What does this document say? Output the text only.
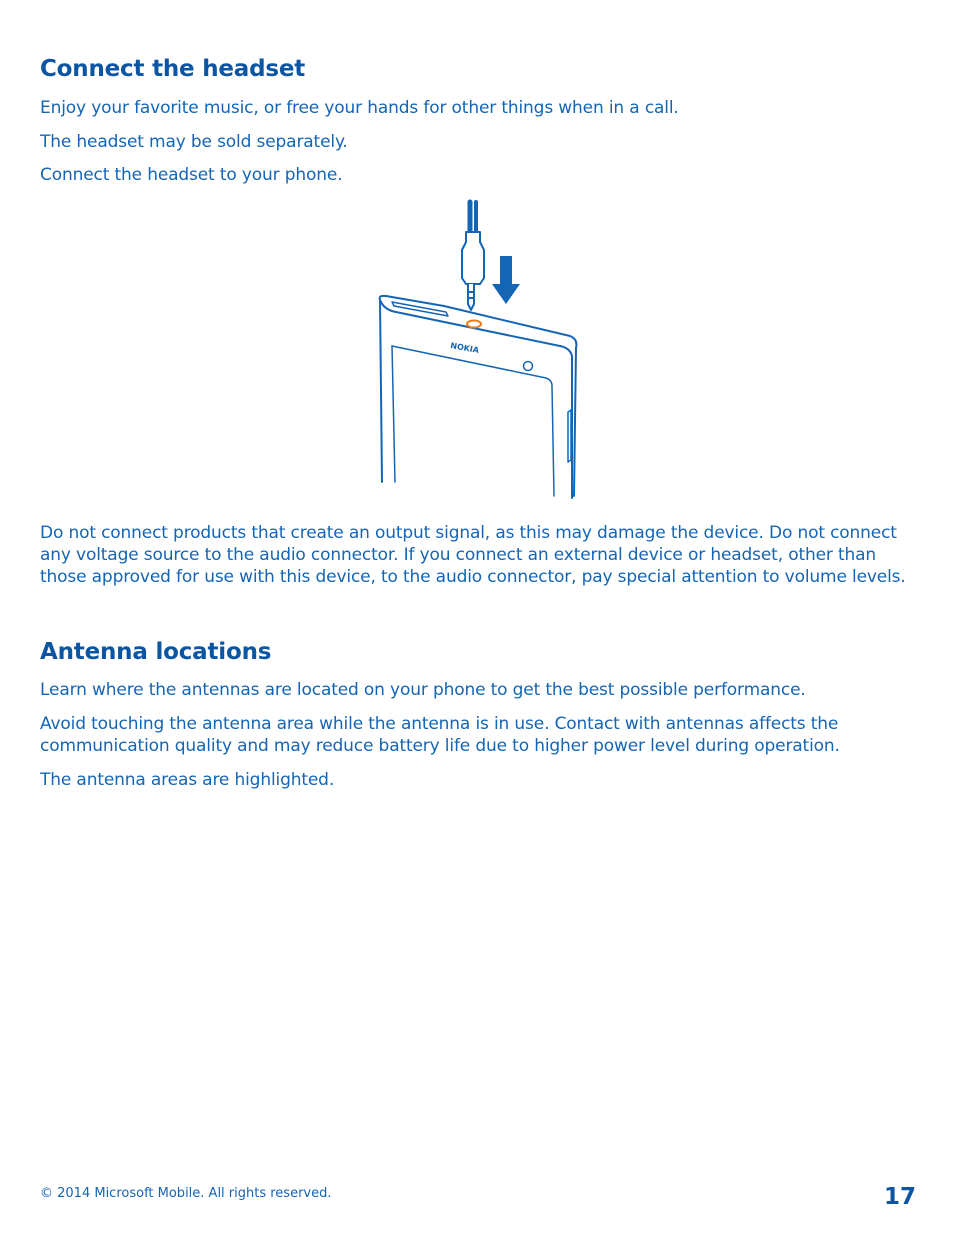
Connect the headset

Enjoy your favorite music, or free your hands for other things when in a call.

The headset may be sold separately.

Connect the headset to your phone.

NOKIA

Do not connect products that create an output signal, as this may damage the device. Do not connect any voltage source to the audio connector. If you connect an external device or headset, other than those approved for use with this device, to the audio connector, pay special attention to volume levels.

Antenna locations

Learn where the antennas are located on your phone to get the best possible performance.

Avoid touching the antenna area while the antenna is in use. Contact with antennas affects the communication quality and may reduce battery life due to higher power level during operation.

The antenna areas are highlighted.

© 2014 Microsoft Mobile. All rights reserved.	17
